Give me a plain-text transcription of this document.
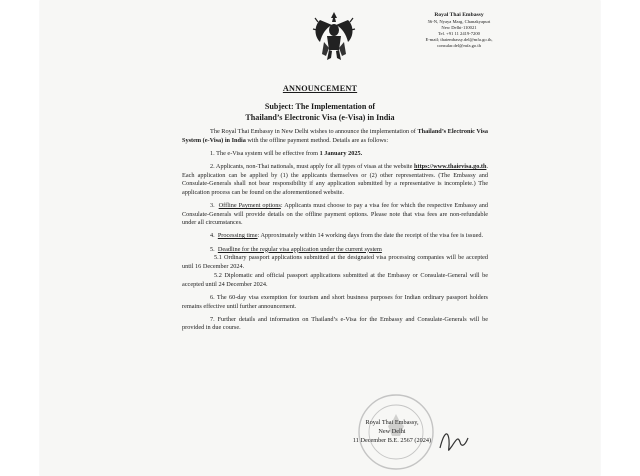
Royal Thai Embassy
56-N, Nyaya Marg, Chanakyapuri
New Delhi-110021
Tel. +91 11 2419-7200
E-mail; thaiembassy.del@mfa.go.th,
consular.del@mfa.go.th
ANNOUNCEMENT
Subject: The Implementation of
Thailand’s Electronic Visa (e-Visa) in India

The Royal Thai Embassy in New Delhi wishes to announce the implementation of Thailand’s Electronic Visa System (e-Visa) in India with the offline payment method. Details are as follows:

1. The e-Visa system will be effective from 1 January 2025.

2. Applicants, non-Thai nationals, must apply for all types of visas at the website https://www.thaievisa.go.th. Each application can be applied by (1) the applicants themselves or (2) other representatives. (The Embassy and Consulate-Generals shall not bear responsibility if any application submitted by a representative is incomplete.) The application process can be found on the aforementioned website.

3.  Offline Payment options: Applicants must choose to pay a visa fee for which the respective Embassy and Consulate-Generals will provide details on the offline payment options. Please note that visa fees are non-refundable under all circumstances.

4.  Processing time: Approximately within 14 working days from the date the receipt of the visa fee is issued.

5.  Deadline for the regular visa application under the current system

5.1 Ordinary passport applications submitted at the designated visa processing companies will be accepted until 16 December 2024.

5.2 Diplomatic and official passport applications submitted at the Embassy or Consulate-General will be accepted until 24 December 2024.

6. The 60-day visa exemption for tourism and short business purposes for Indian ordinary passport holders remains effective until further announcement.

7. Further details and information on Thailand’s e-Visa for the Embassy and Consulate-Generals will be provided in due course.

Royal Thai Embassy,
New Delhi
11 December B.E. 2567 (2024)
